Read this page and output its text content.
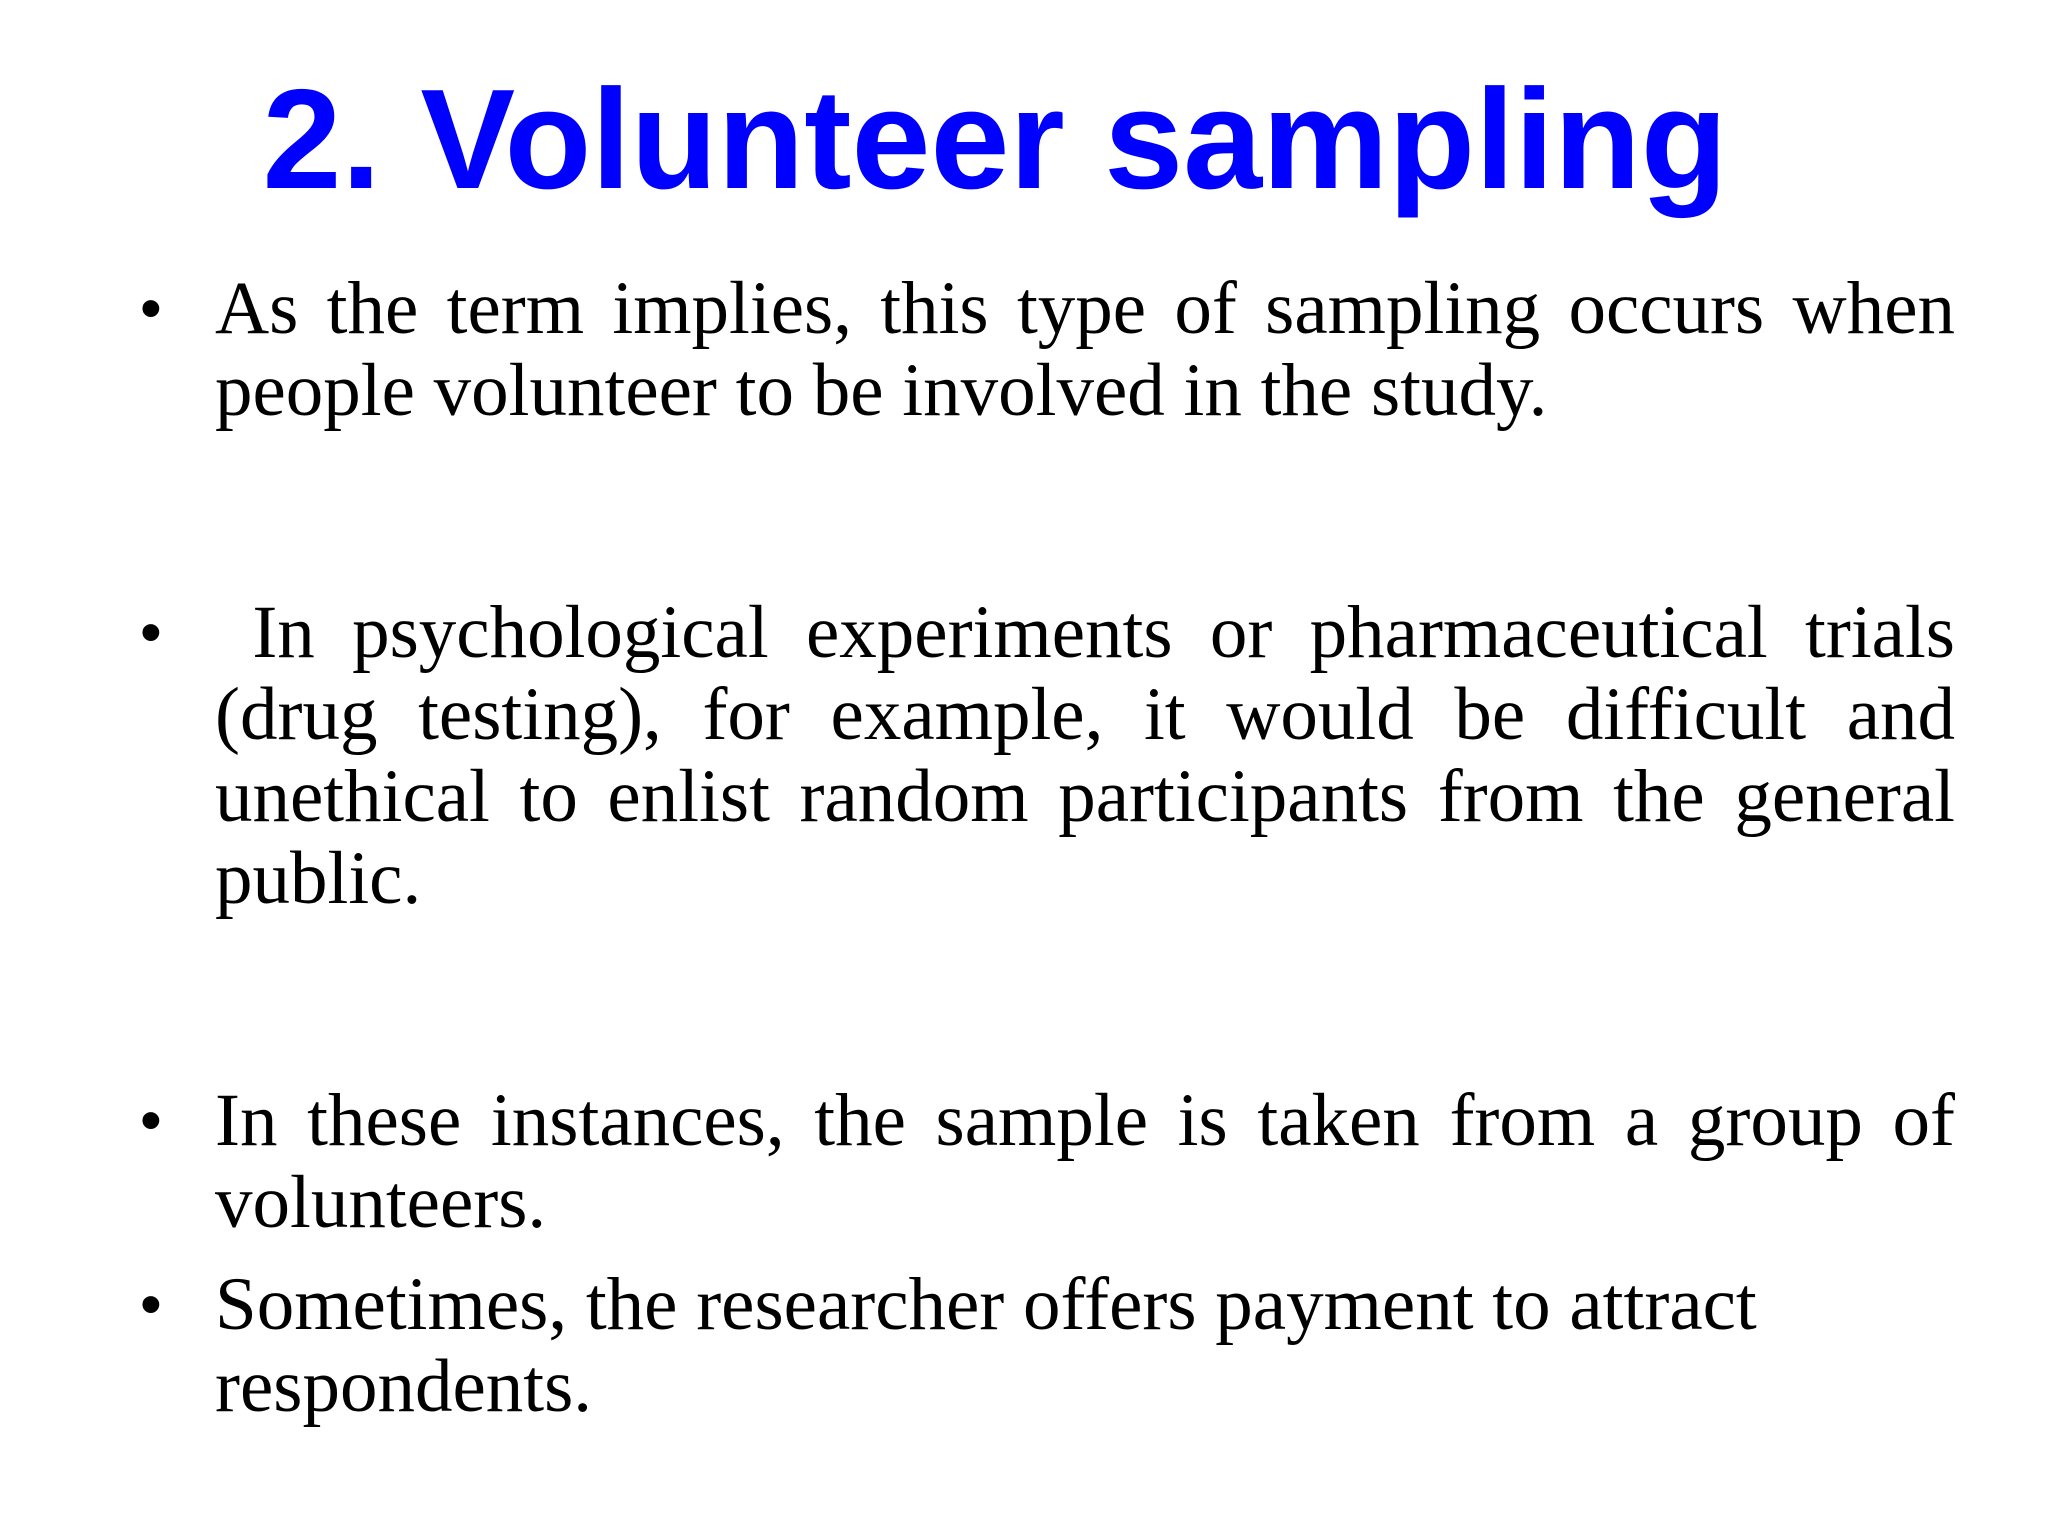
2. Volunteer sampling
• As the term implies, this type of sampling occurs when people volunteer to be involved in the study.
• In psychological experiments or pharmaceutical trials (drug testing), for example, it would be difficult and unethical to enlist random participants from the general public.
• In these instances, the sample is taken from a group of volunteers.
• Sometimes, the researcher offers payment to attract respondents.
